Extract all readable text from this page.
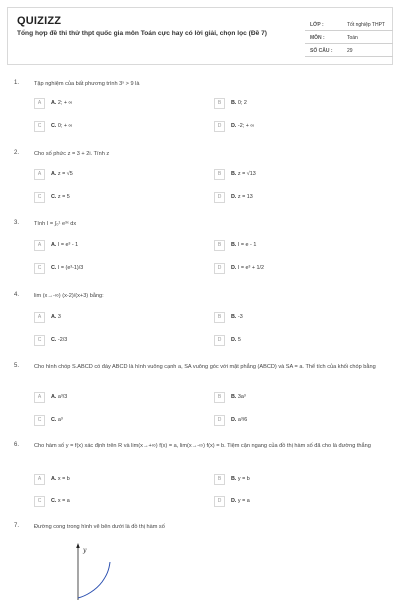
QUIZIZZ
Tổng hợp đề thi thử thpt quốc gia môn Toán cực hay có lời giải, chọn lọc (Đề 7)
LỚP :	Tốt nghiệp THPT
MÔN :	Toán
SỐ CÂU :	29
1.	Tập nghiệm của bất phương trình 3ˣ > 9 là
A	A. 2; + ∞	B	B. 0; 2
C	C. 0; + ∞	D	D. -2; + ∞
2.	Cho số phức z = 3 + 2i. Tính z
A	A. z = √5	B	B. z = √13
C	C. z = 5	D	D. z = 13
3.	Tính I = ∫₀¹ e³ˣ dx
A	A. I = e³ - 1	B	B. I = e - 1
C	C. I = (e³-1)/3	D	D. I = e³ + 1/2
4.	lim (x→-∞) (x-2)/(x+3) bằng:
A	A. 3	B	B. -3
C	C. -2/3	D	D. 5
5.	Cho hình chóp S.ABCD có đáy ABCD là hình vuông cạnh a, SA vuông góc với mặt phẳng (ABCD) và SA = a. Thể tích của khối chóp bằng
A	A. a³/3	B	B. 3a³
C	C. a³	D	D. a³/6
6.	Cho hàm số y = f(x) xác định trên R và lim(x→+∞) f(x) = a, lim(x→-∞) f(x) = b. Tiệm cận ngang của đồ thị hàm số đã cho là đường thẳng
A	A. x = b	B	B. y = b
C	C. x = a	D	D. y = a
7.	Đường cong trong hình vẽ bên dưới là đồ thị hàm số
y
